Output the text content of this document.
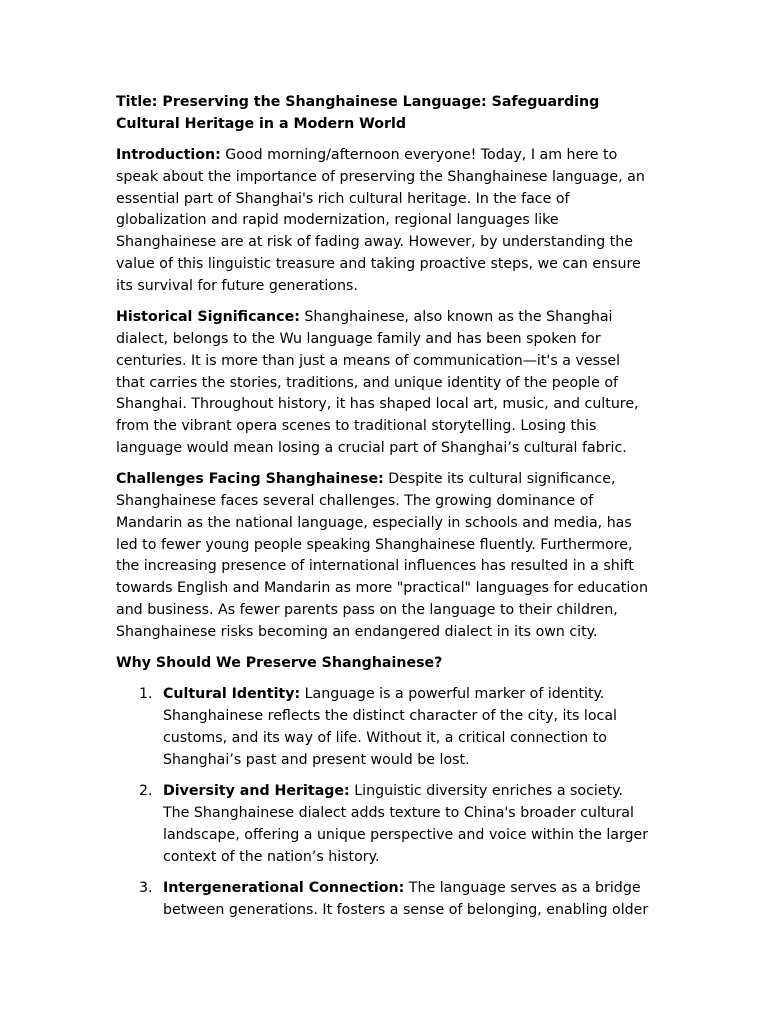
Title: Preserving the Shanghainese Language: Safeguarding Cultural Heritage in a Modern World

Introduction: Good morning/afternoon everyone! Today, I am here to speak about the importance of preserving the Shanghainese language, an essential part of Shanghai's rich cultural heritage. In the face of globalization and rapid modernization, regional languages like Shanghainese are at risk of fading away. However, by understanding the value of this linguistic treasure and taking proactive steps, we can ensure its survival for future generations.

Historical Significance: Shanghainese, also known as the Shanghai dialect, belongs to the Wu language family and has been spoken for centuries. It is more than just a means of communication—it's a vessel that carries the stories, traditions, and unique identity of the people of Shanghai. Throughout history, it has shaped local art, music, and culture, from the vibrant opera scenes to traditional storytelling. Losing this language would mean losing a crucial part of Shanghai’s cultural fabric.

Challenges Facing Shanghainese: Despite its cultural significance, Shanghainese faces several challenges. The growing dominance of Mandarin as the national language, especially in schools and media, has led to fewer young people speaking Shanghainese fluently. Furthermore, the increasing presence of international influences has resulted in a shift towards English and Mandarin as more "practical" languages for education and business. As fewer parents pass on the language to their children, Shanghainese risks becoming an endangered dialect in its own city.

Why Should We Preserve Shanghainese?

1. Cultural Identity: Language is a powerful marker of identity. Shanghainese reflects the distinct character of the city, its local customs, and its way of life. Without it, a critical connection to Shanghai’s past and present would be lost.
2. Diversity and Heritage: Linguistic diversity enriches a society. The Shanghainese dialect adds texture to China's broader cultural landscape, offering a unique perspective and voice within the larger context of the nation’s history.
3. Intergenerational Connection: The language serves as a bridge between generations. It fosters a sense of belonging, enabling older
